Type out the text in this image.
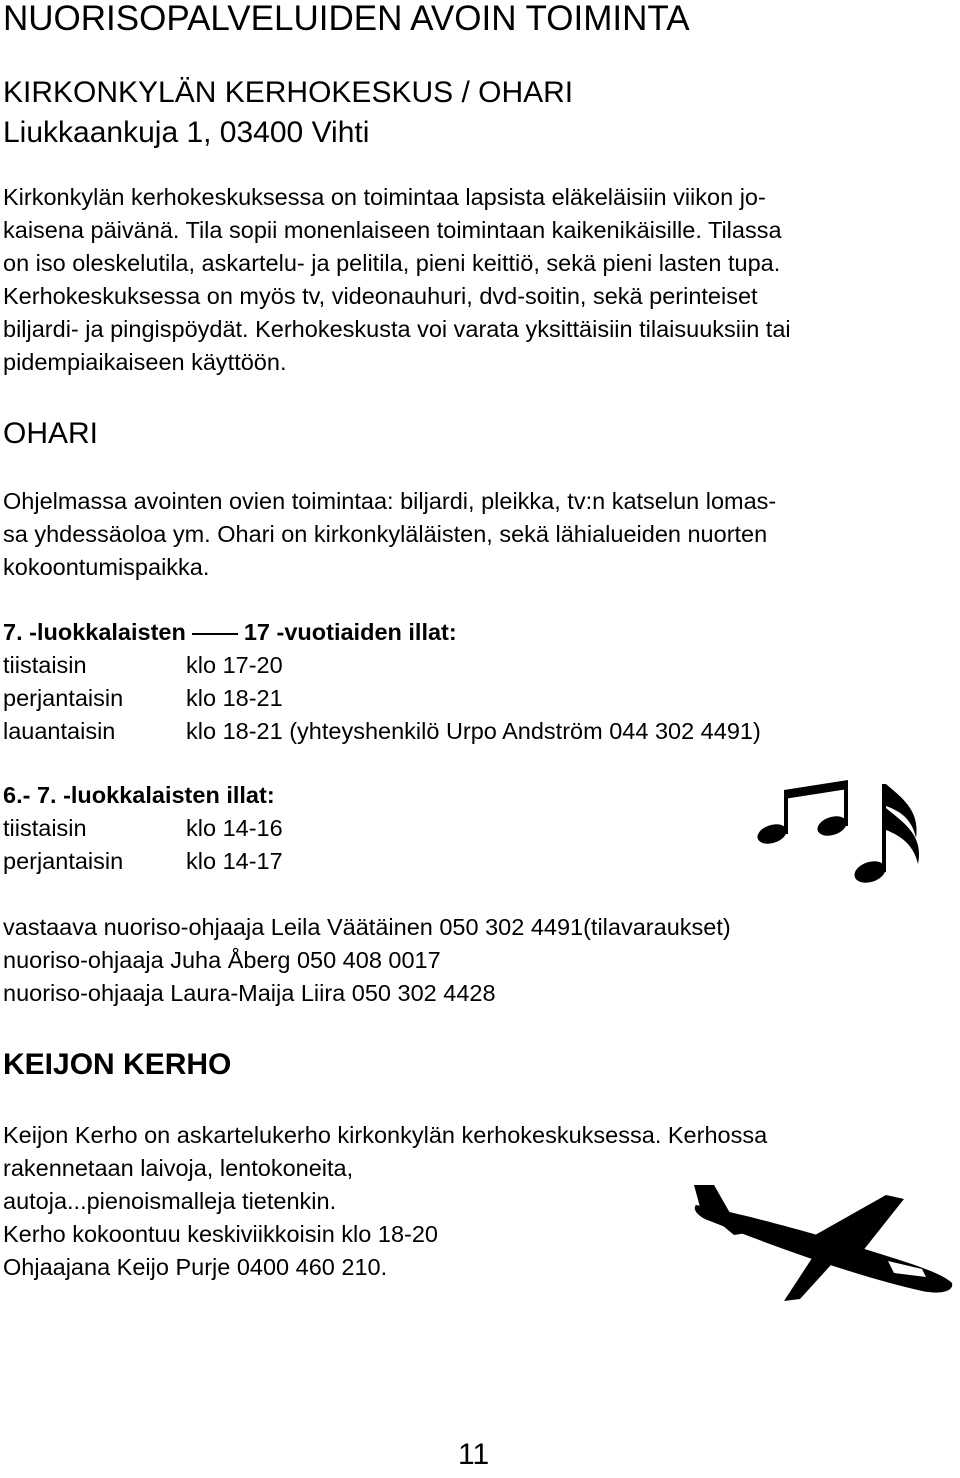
NUORISOPALVELUIDEN AVOIN TOIMINTA
KIRKONKYLÄN KERHOKESKUS / OHARI
Liukkaankuja 1, 03400 Vihti
Kirkonkylän kerhokeskuksessa on toimintaa lapsista eläkeläisiin viikon jo-
kaisena päivänä. Tila sopii monenlaiseen toimintaan kaikenikäisille. Tilassa
on iso oleskelutila, askartelu- ja pelitila, pieni keittiö, sekä pieni lasten tupa.
Kerhokeskuksessa on myös tv, videonauhuri, dvd-soitin, sekä perinteiset
biljardi- ja pingispöydät. Kerhokeskusta voi varata yksittäisiin tilaisuuksiin tai
pidempiaikaiseen käyttöön.
OHARI
Ohjelmassa avointen ovien toimintaa: biljardi, pleikka, tv:n katselun lomas-
sa yhdessäoloa ym. Ohari on kirkonkyläläisten, sekä lähialueiden nuorten
kokoontumispaikka.
7. -luokkalaisten 17 -vuotiaiden illat:
tiistaisin	klo 17-20
perjantaisin	klo 18-21
lauantaisin	klo 18-21 (yhteyshenkilö Urpo Andström 044 302 4491)
6.- 7. -luokkalaisten illat:
tiistaisin	klo 14-16
perjantaisin	klo 14-17
vastaava nuoriso-ohjaaja Leila Väätäinen 050 302 4491(tilavaraukset)
nuoriso-ohjaaja Juha Åberg 050 408 0017
nuoriso-ohjaaja Laura-Maija Liira 050 302 4428
KEIJON KERHO
Keijon Kerho on askartelukerho kirkonkylän kerhokeskuksessa. Kerhossa
rakennetaan laivoja, lentokoneita,
autoja...pienoismalleja tietenkin.
Kerho kokoontuu keskiviikkoisin klo 18-20
Ohjaajana Keijo Purje 0400 460 210.
11
